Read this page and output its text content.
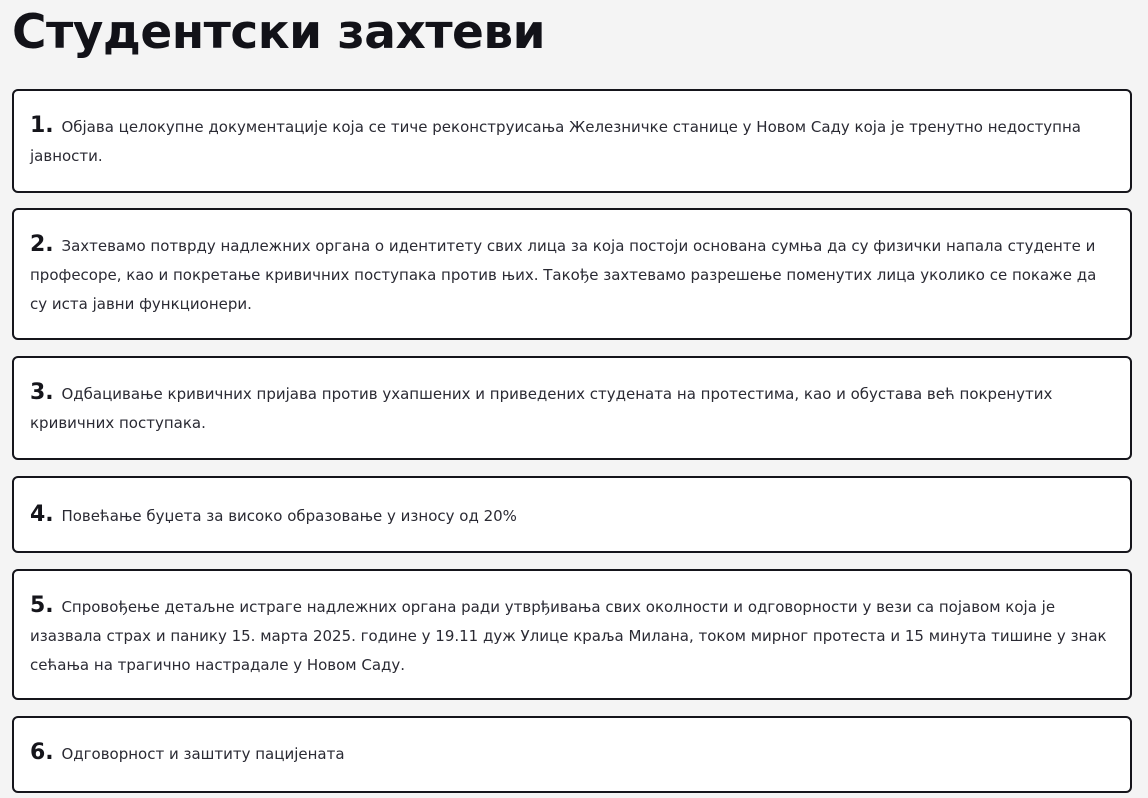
Студентски захтеви

1. Објава целокупне документације која се тиче реконструисања Железничке станице у Новом Саду која је тренутно недоступна јавности.

2. Захтевамо потврду надлежних органа о идентитету свих лица за која постоји основана сумња да су физички напала студенте и професоре, као и покретање кривичних поступака против њих. Такође захтевамо разрешење поменутих лица уколико се покаже да су иста јавни функционери.

3. Одбацивање кривичних пријава против ухапшених и приведених студената на протестима, као и обустава већ покренутих кривичних поступака.

4. Повећање буџета за високо образовање у износу од 20%

5. Спровођење детаљне истраге надлежних органа ради утврђивања свих околности и одговорности у вези са појавом која је изазвала страх и панику 15. марта 2025. године у 19.11 дуж Улице краља Милана, током мирног протеста и 15 минута тишине у знак сећања на трагично настрадале у Новом Саду.

6. Одговорност и заштиту пацијената
